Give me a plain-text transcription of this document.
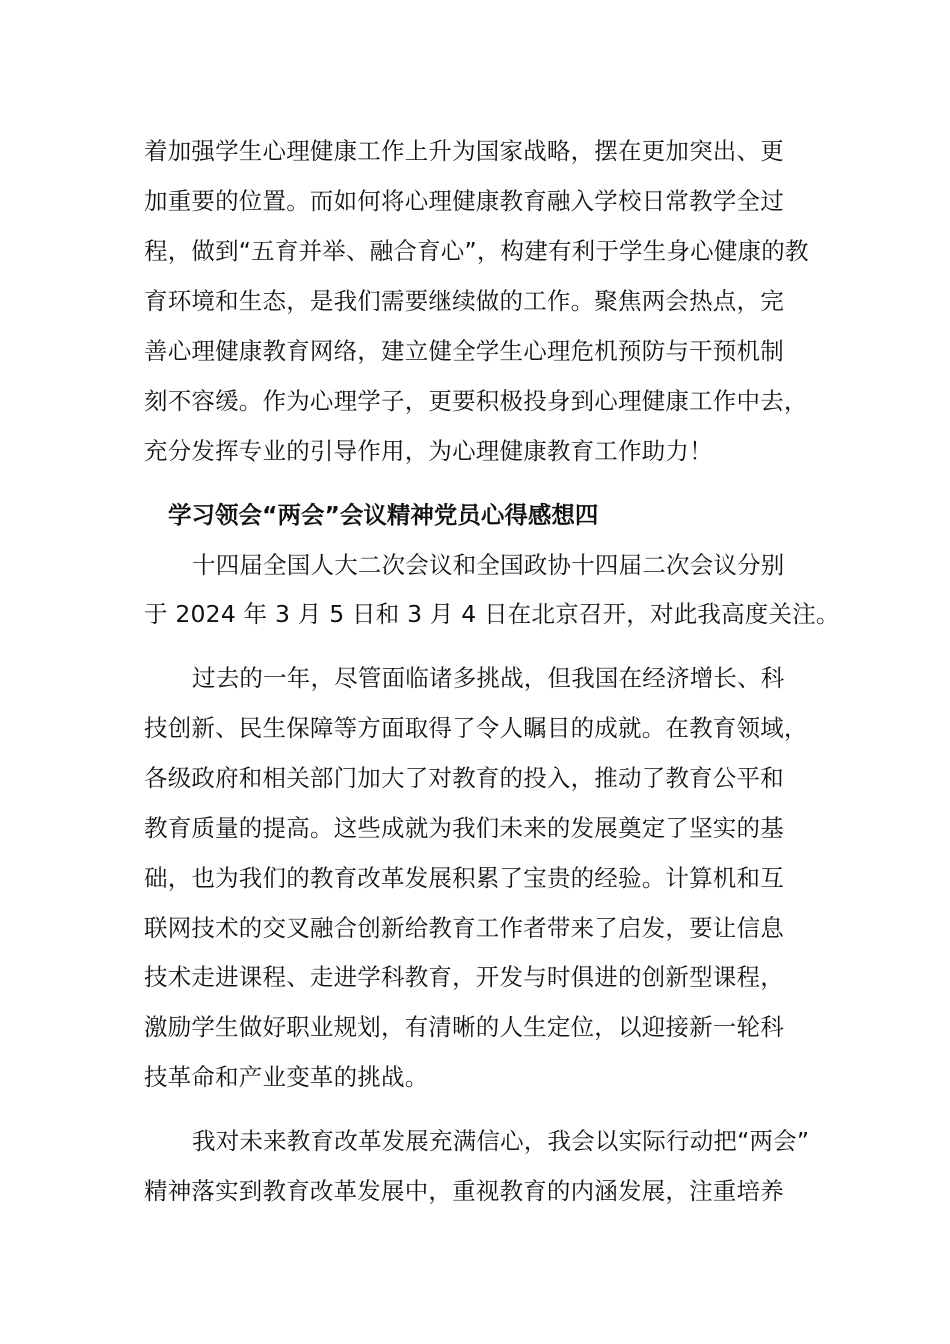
着加强学生心理健康工作上升为国家战略，摆在更加突出、更
加重要的位置。而如何将心理健康教育融入学校日常教学全过
程，做到“五育并举、融合育心”，构建有利于学生身心健康的教
育环境和生态，是我们需要继续做的工作。聚焦两会热点，完
善心理健康教育网络，建立健全学生心理危机预防与干预机制
刻不容缓。作为心理学子，更要积极投身到心理健康工作中去，
充分发挥专业的引导作用，为心理健康教育工作助力！
学习领会“两会”会议精神党员心得感想四
十四届全国人大二次会议和全国政协十四届二次会议分别
于 2024 年 3 月 5 日和 3 月 4 日在北京召开，对此我高度关注。
过去的一年，尽管面临诸多挑战，但我国在经济增长、科
技创新、民生保障等方面取得了令人瞩目的成就。在教育领域，
各级政府和相关部门加大了对教育的投入，推动了教育公平和
教育质量的提高。这些成就为我们未来的发展奠定了坚实的基
础，也为我们的教育改革发展积累了宝贵的经验。计算机和互
联网技术的交叉融合创新给教育工作者带来了启发，要让信息
技术走进课程、走进学科教育，开发与时俱进的创新型课程，
激励学生做好职业规划，有清晰的人生定位，以迎接新一轮科
技革命和产业变革的挑战。
我对未来教育改革发展充满信心，我会以实际行动把“两会”
精神落实到教育改革发展中，重视教育的内涵发展，注重培养
